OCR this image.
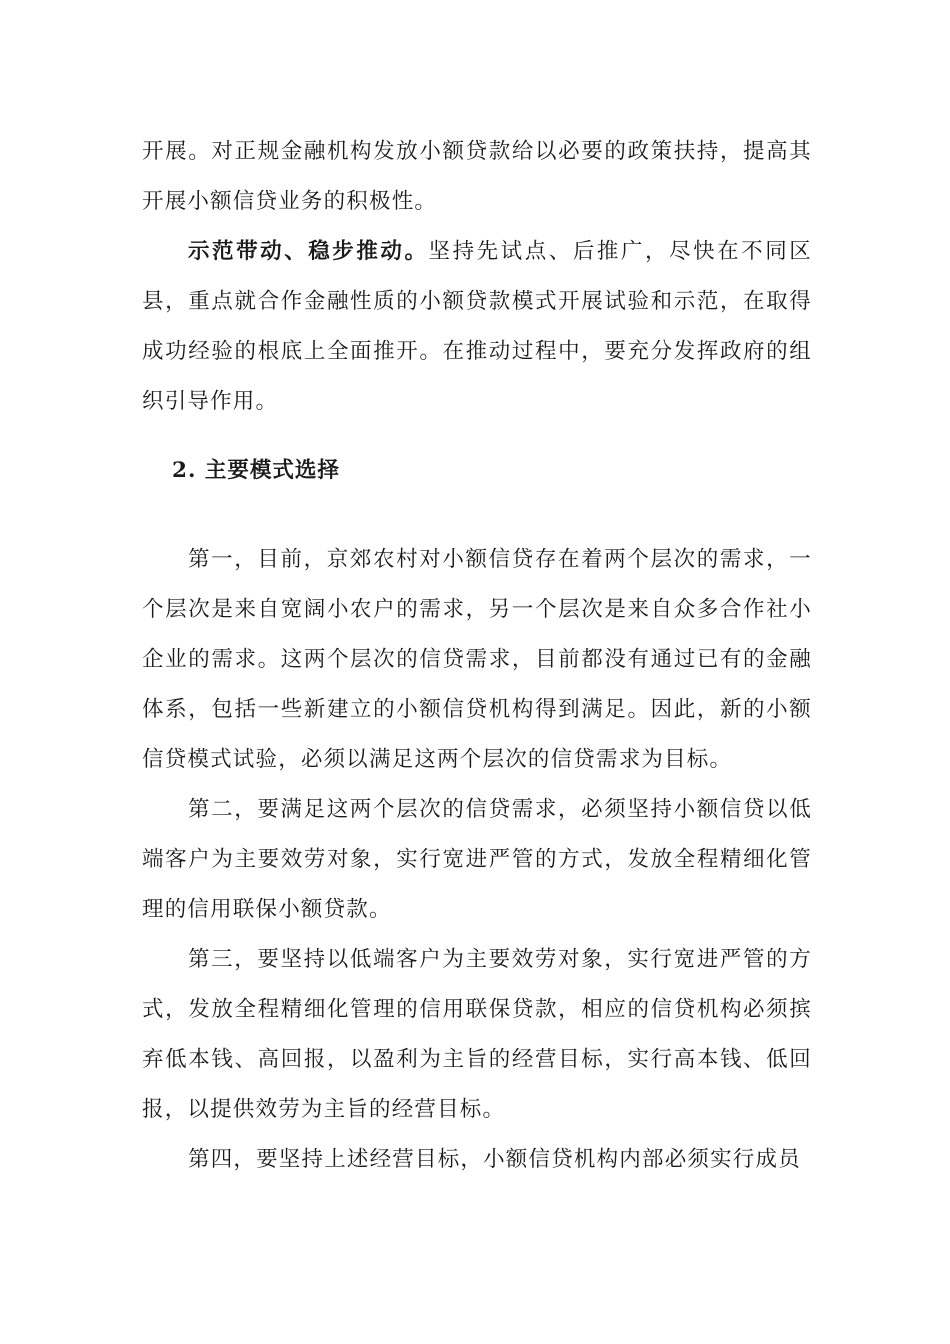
开展。对正规金融机构发放小额贷款给以必要的政策扶持，提高其开展小额信贷业务的积极性。

示范带动、稳步推动。坚持先试点、后推广，尽快在不同区县，重点就合作金融性质的小额贷款模式开展试验和示范，在取得成功经验的根底上全面推开。在推动过程中，要充分发挥政府的组织引导作用。

2. 主要模式选择

第一，目前，京郊农村对小额信贷存在着两个层次的需求，一个层次是来自宽阔小农户的需求，另一个层次是来自众多合作社小企业的需求。这两个层次的信贷需求，目前都没有通过已有的金融体系，包括一些新建立的小额信贷机构得到满足。因此，新的小额信贷模式试验，必须以满足这两个层次的信贷需求为目标。

第二，要满足这两个层次的信贷需求，必须坚持小额信贷以低端客户为主要效劳对象，实行宽进严管的方式，发放全程精细化管理的信用联保小额贷款。

第三，要坚持以低端客户为主要效劳对象，实行宽进严管的方式，发放全程精细化管理的信用联保贷款，相应的信贷机构必须摈弃低本钱、高回报，以盈利为主旨的经营目标，实行高本钱、低回报，以提供效劳为主旨的经营目标。

第四，要坚持上述经营目标，小额信贷机构内部必须实行成员
